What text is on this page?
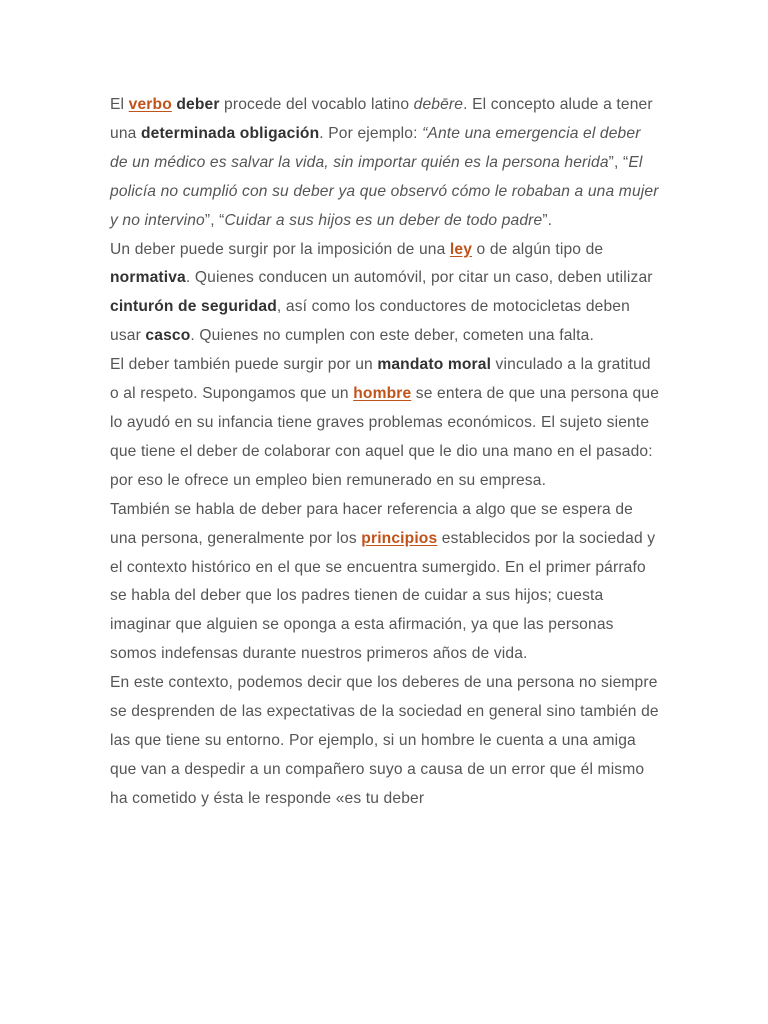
El verbo deber procede del vocablo latino debēre. El concepto alude a tener una determinada obligación. Por ejemplo: “Ante una emergencia el deber de un médico es salvar la vida, sin importar quién es la persona herida”, “El policía no cumplió con su deber ya que observó cómo le robaban a una mujer y no intervino”, “Cuidar a sus hijos es un deber de todo padre”.

Un deber puede surgir por la imposición de una ley o de algún tipo de normativa. Quienes conducen un automóvil, por citar un caso, deben utilizar cinturón de seguridad, así como los conductores de motocicletas deben usar casco. Quienes no cumplen con este deber, cometen una falta.

El deber también puede surgir por un mandato moral vinculado a la gratitud o al respeto. Supongamos que un hombre se entera de que una persona que lo ayudó en su infancia tiene graves problemas económicos. El sujeto siente que tiene el deber de colaborar con aquel que le dio una mano en el pasado: por eso le ofrece un empleo bien remunerado en su empresa.

También se habla de deber para hacer referencia a algo que se espera de una persona, generalmente por los principios establecidos por la sociedad y el contexto histórico en el que se encuentra sumergido. En el primer párrafo se habla del deber que los padres tienen de cuidar a sus hijos; cuesta imaginar que alguien se oponga a esta afirmación, ya que las personas somos indefensas durante nuestros primeros años de vida.

En este contexto, podemos decir que los deberes de una persona no siempre se desprenden de las expectativas de la sociedad en general sino también de las que tiene su entorno. Por ejemplo, si un hombre le cuenta a una amiga que van a despedir a un compañero suyo a causa de un error que él mismo ha cometido y ésta le responde «es tu deber
